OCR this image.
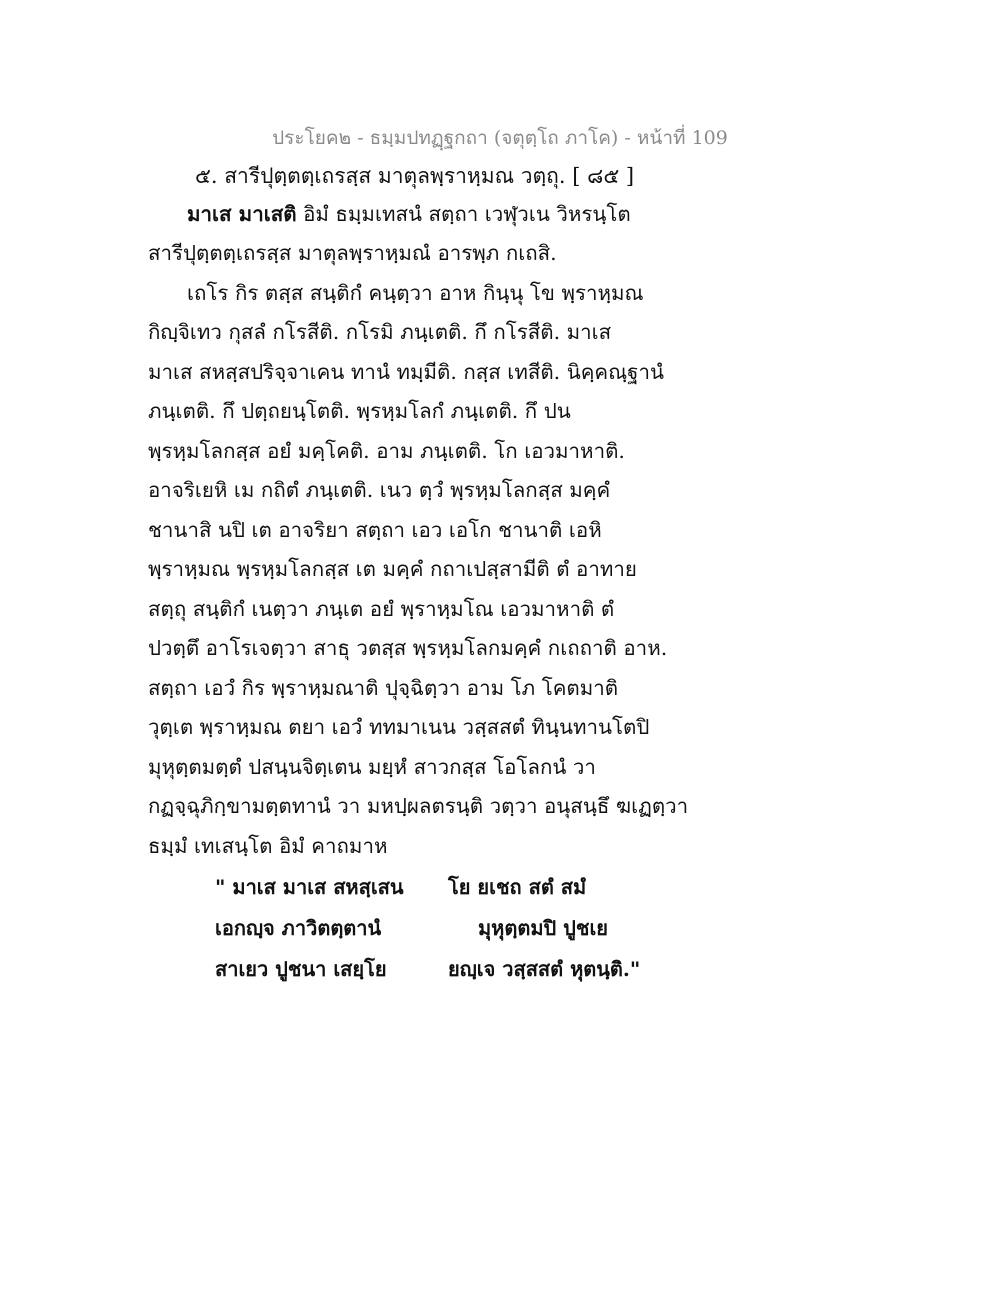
ประโยค๒ - ธมฺมปทฏฺฐกถา (จตุตฺโถ ภาโค) - หน้าที่ 109
๕. สารีปุตฺตตฺเถรสฺส มาตุลพฺราหฺมณ วตฺถุ. [ ๘๕ ]
มาเส มาเสติ อิมํ ธมฺมเทสนํ สตฺถา เวฬุวเน วิหรนฺโต
สารีปุตฺตตฺเถรสฺส มาตุลพฺราหฺมณํ อารพฺภ กเถสิ.
เถโร กิร ตสฺส สนฺติกํ คนฺตฺวา อาห กินฺนุ โข พฺราหฺมณ
กิญฺจิเทว กุสลํ กโรสีติ. กโรมิ ภนฺเตติ. กึ กโรสีติ. มาเส
มาเส สหสฺสปริจฺจาเคน ทานํ ทมฺมีติ. กสฺส เทสีติ. นิคฺคณฺฐานํ
ภนฺเตติ. กึ ปตฺถยนฺโตติ. พฺรหฺมโลกํ ภนฺเตติ. กึ ปน
พฺรหฺมโลกสฺส อยํ มคฺโคติ. อาม ภนฺเตติ. โก เอวมาหาติ.
อาจริเยหิ เม กถิตํ ภนฺเตติ. เนว ตฺวํ พฺรหฺมโลกสฺส มคฺคํ
ชานาสิ นปิ เต อาจริยา สตฺถา เอว เอโก ชานาติ เอหิ
พฺราหฺมณ พฺรหฺมโลกสฺส เต มคฺคํ กถาเปสฺสามีติ ตํ อาทาย
สตฺถุ สนฺติกํ เนตฺวา ภนฺเต อยํ พฺราหฺมโณ เอวมาหาติ ตํ
ปวตฺตึ อาโรเจตฺวา สาธุ วตสฺส พฺรหฺมโลกมคฺคํ กเถถาติ อาห.
สตฺถา เอวํ กิร พฺราหฺมณาติ ปุจฺฉิตฺวา อาม โภ โคตมาติ
วุตฺเต พฺราหฺมณ ตยา เอวํ ททมาเนน วสฺสสตํ ทินฺนทานโตปิ
มุหุตฺตมตฺตํ ปสนฺนจิตฺเตน มยฺหํ สาวกสฺส โอโลกนํ วา
กฏจฺฉุภิกฺขามตฺตทานํ วา มหปฺผลตรนฺติ วตฺวา อนุสนฺธึ ฆเฏตฺวา
ธมฺมํ เทเสนฺโต อิมํ คาถมาห
" มาเส มาเส สหสฺเสน โย ยเชถ สตํ สมํ
เอกญฺจ ภาวิตตฺตานํ	มุหุตฺตมปิ ปูชเย
สาเยว ปูชนา เสยฺโย	ยญฺเจ วสฺสสตํ หุตนฺติ."
